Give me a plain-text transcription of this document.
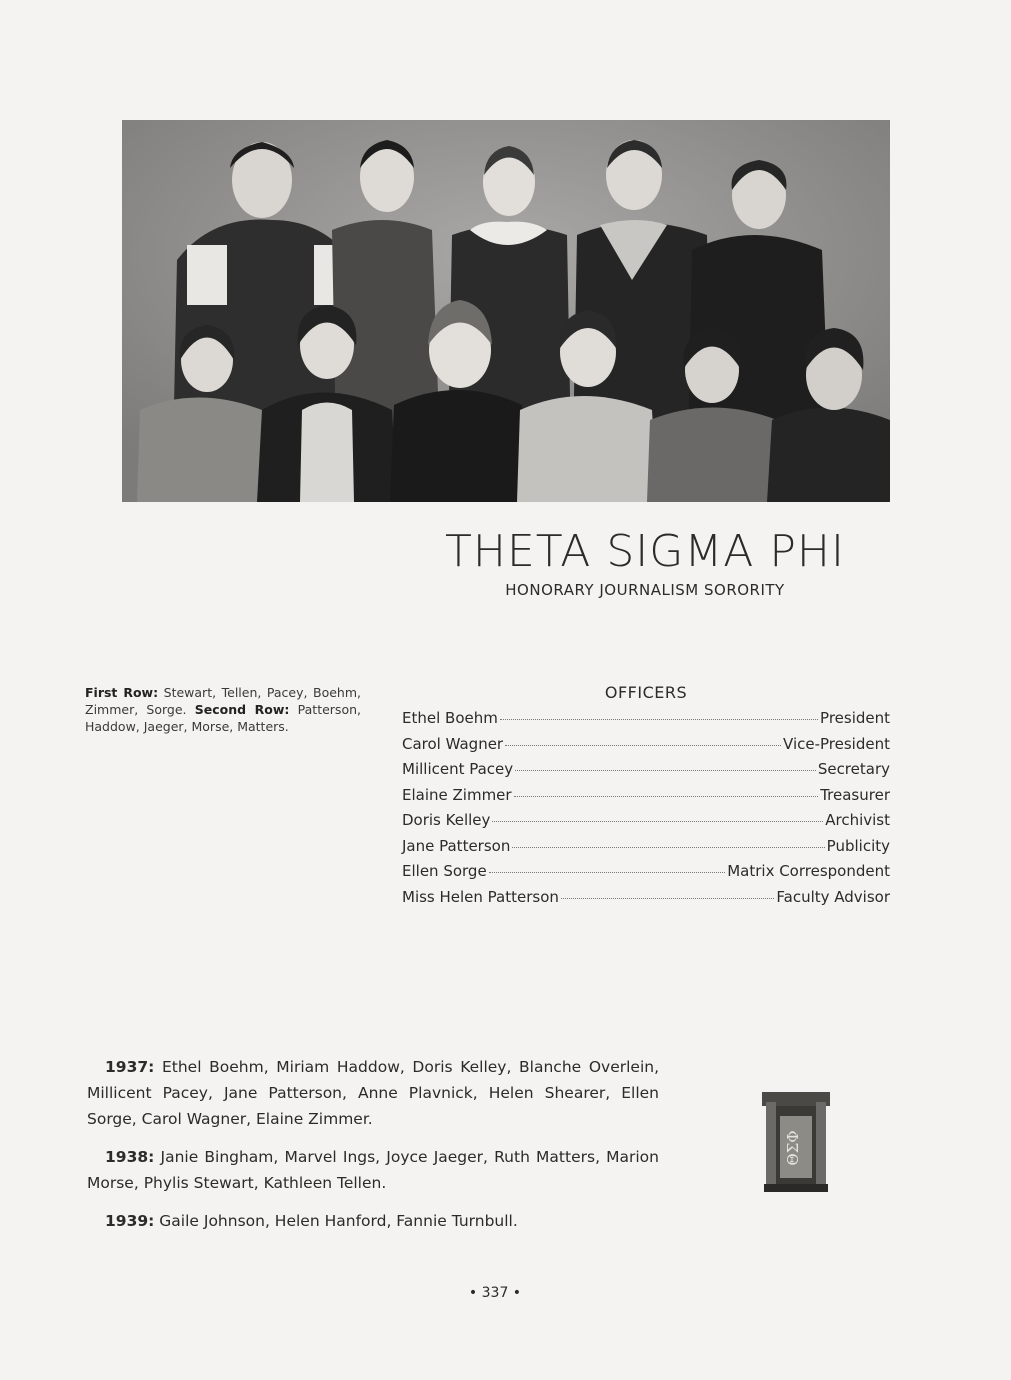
THETA SIGMA PHI
HONORARY JOURNALISM SORORITY
First Row: Stewart, Tellen, Pacey, Boehm, Zimmer, Sorge. Second Row: Patterson, Haddow, Jaeger, Morse, Matters.
OFFICERS
Ethel Boehm	President
Carol Wagner	Vice-President
Millicent Pacey	Secretary
Elaine Zimmer	Treasurer
Doris Kelley	Archivist
Jane Patterson	Publicity
Ellen Sorge	Matrix Correspondent
Miss Helen Patterson	Faculty Advisor

1937: Ethel Boehm, Miriam Haddow, Doris Kelley, Blanche Overlein, Millicent Pacey, Jane Patterson, Anne Plavnick, Helen Shearer, Ellen Sorge, Carol Wagner, Elaine Zimmer.

1938: Janie Bingham, Marvel Ings, Joyce Jaeger, Ruth Matters, Marion Morse, Phylis Stewart, Kathleen Tellen.

1939: Gaile Johnson, Helen Hanford, Fannie Turnbull.

ΘΣΦ
• 337 •
